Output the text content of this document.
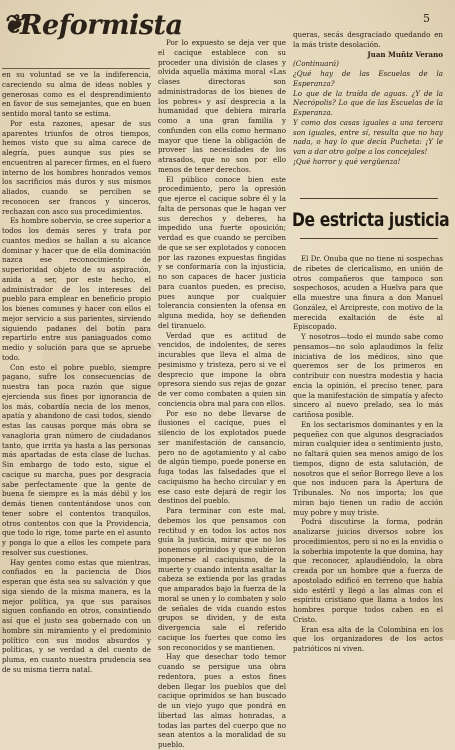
❦
Reformista	5

en su voluntad se ve la indiferencia, careciendo su alma de ideas nobles y generosas como es el desprendimiento en favor de sus semejantes, que en buen sentido moral tanto se estima.

Por esta razones, apesar de sus aparentes triunfos de otros tiempos, hemos visto que su alma carece de alegría, pues aunque sus pies se encuentren al parecer firmes, en el fuero interno de los hombres honrados vemos los sacrificios más duros y sus mismos aliados, cuando se perciben se reconocen ser francos y sinceros, rechazan con asco sus procedimientos.

Es hombre sobervio, se cree superior a todos los demás seres y trata por cuantos medios se hallan a su alcance dominar y hacer que de ella dominación nazca ese reconocimiento de superioridad objeto de su aspiración, anida a ser, por este hecho, el administrador de los intereses del pueblo para emplear en beneficio propio los bienes comunes y hacer con ellos el mejor servicio a sus parientes, sirviendo siguiendo padanes del botín para repartirlo entre sus paniaguados como medio y solución para que se apruebe todo.

Con esto el pobre pueblo, siempre pagano, sufre los consecuencias de nuestra tan poca razón que sigue ejercienda sus fines por ignorancia de los más, cobardía necia de los menos, apatía y abandono de casi todos, siendo estas las causas porque más obra se vanagloria gran número de ciudadanos tanto, que irrita ya hasta a las personas más apartadas de esta clase de luchas. Sin embargo de todo esto, sigue el cacique su marcha, pues por desgracia sabe perfectamente que la gente de buena fe siempre es la más débil y los demás tienen contentándose unos con tener sobre el contentos tranquilos, otros contentos con que la Providencia, que todo lo rige, tome parte en el asunto y ponga lo que a ellos les compete para resolver sus cuestiones.

Hay gentes como estas que mientras, confiados en la paciencia de Dios esperan que ésta sea su salvación y que siga siendo de la misma manera, es la mejor política, ya que sus paraísos siguen confiando en otros, consintiendo así que el justo sea gobernado con un hombre sin miramiento y el predominio político con sus modos absurdos y políticas, y se verdad a del cuento de pluma, en cuanto nuestra prudencia sea de su misma tierra natal.

Por lo expuesto se deja ver que el cacique establece con su proceder una división de clases y olvida aquella máxima moral «Las clases directoras son administradoras de los bienes de los pobres» y así desprecia a la humanidad que debiera mirarla como a una gran familia y confunden con ella como hermano mayor que tiene la obligación de proveer las necesidades de los atrasados, que no son por ello menos de tener derechos.

El público conoce bien este procedimiento, pero la opresión que ejerce el cacique sobre él y la falta de personas que le hagan ver sus derechos y deberes, ha impedido una fuerte oposición; verdad es que cuando se perciben de que se ser explotados y conocen por las razones expuestas fingidas y se conformaría con la injusticia, no son capaces de hacer justicia para cuantos pueden, es preciso, pues aunque por cualquier tolerancia consienten la ofensa en alguna medida, hoy se defienden del tiranuelo.

Verdad que es actitud de vencidos, de indolentes, de seres incurables que lleva el alma de pesimismo y tristeza, pero si ve el desprecio que impone la obra opresora siendo sus rejas de gozar de ver como combaten a quien sin conciencia obra mal para con ellos.

Por eso no debe llevarse de ilusiones el cacique, pues el silencio de los explotados puede ser manifestación de cansancio, pero no de agotamiento y al cabo de algún tiempo, puede ponerse en fuga todas las falsedades que el caciquismo ha hecho circular y en ese caso este dejará de regir los destinos del pueblo.

Para terminar con este mal, debemos los que pensamos con rectitud y en todos los actos nos guía la justicia, mirar que no los ponemos oprimidos y que subieron imponerse al caciquismo, de la muerte y cuando intenta asaltar la cabeza se extienda por las gradas que amparados bajo la fuerza de la moral se unen y lo combaten y solo de señales de vida cuando estos grupos se dividen, y de esta divergencia sale el referido cacique los fuertes que como les son reconocidos y se mantienen.

Hay que desechar todo temor cuando se persigue una obra redentora, pues a estos fines deben llegar los pueblos que del cacique oprimidos se han buscado de un viejo yugo que pondrá en libertad las almas honradas, a todas las partes del cuerpo que no sean atentos a la moralidad de su pueblo.

queras, secás desgraciado quedando en la más triste desolación.

Juan Muñiz Verano

(Continuará)

¿Qué hay de las Escuelas de la Esperanza?

Lo que de la traída de aguas. ¿Y de la Necrópolis? Lo que de las Escuelas de la Esperanza.

Y como dos casas iguales a una tercera son iguales, entre sí, resulta que no hay nada, o hay lo que decía Pucheta: ¡Y le van a dar otro golpe a los concejales!

¡Qué horror y qué vergüenza!

De estricta justicia

El Dr. Onuba que no tiene ni sospechas de ribetes de clericalismo, en unión de otros compañeros que tampoco son sospechosos, acuden a Huelva para que ella muestre una finura a don Manuel González, el Arcipreste, con motivo de la merecida exaltación de éste al Episcopado.

Y nosotros—todo el mundo sabe como pensamos—no solo aplaudimos la feliz iniciativa de los médicos, sino que queremos ser de los primeros en contribuir con nuestra modestia y hacia encia la opinión, el preciso tener, para que la manifestación de simpatía y afecto sincero al nuevo prelado, sea lo más cariñosa posible.

En los sectarismos dominantes y en la pequeñez con que algunos desgraciados miran cualquier idea o sentimiento justo, no faltará quien sea menos amigo de los tiempos, digno de esta salutación, de nosotros que el señor Borrego lleve a los que nos inducen para la Apertura de Tribunales. No nos importa; los que miran bajo tienen un radio de acción muy pobre y muy triste.

Podrá discutirse la forma, podrán analizarse juicios diversos sobre los procedimientos, pero si no es la envidia o la soberbia impotente la que domina, hay que reconocer, aplaudiéndolo, la obra creada por un hombre que a fuerza de apostolado edificó en terreno que había sido estéril y llegó a las almas con el espíritu cristiano que llama a todos los hombres porque todos caben en el Cristo.

Eran esa alta de la Colombina en los que los organizadores de los actos patrióticos ni viven.
